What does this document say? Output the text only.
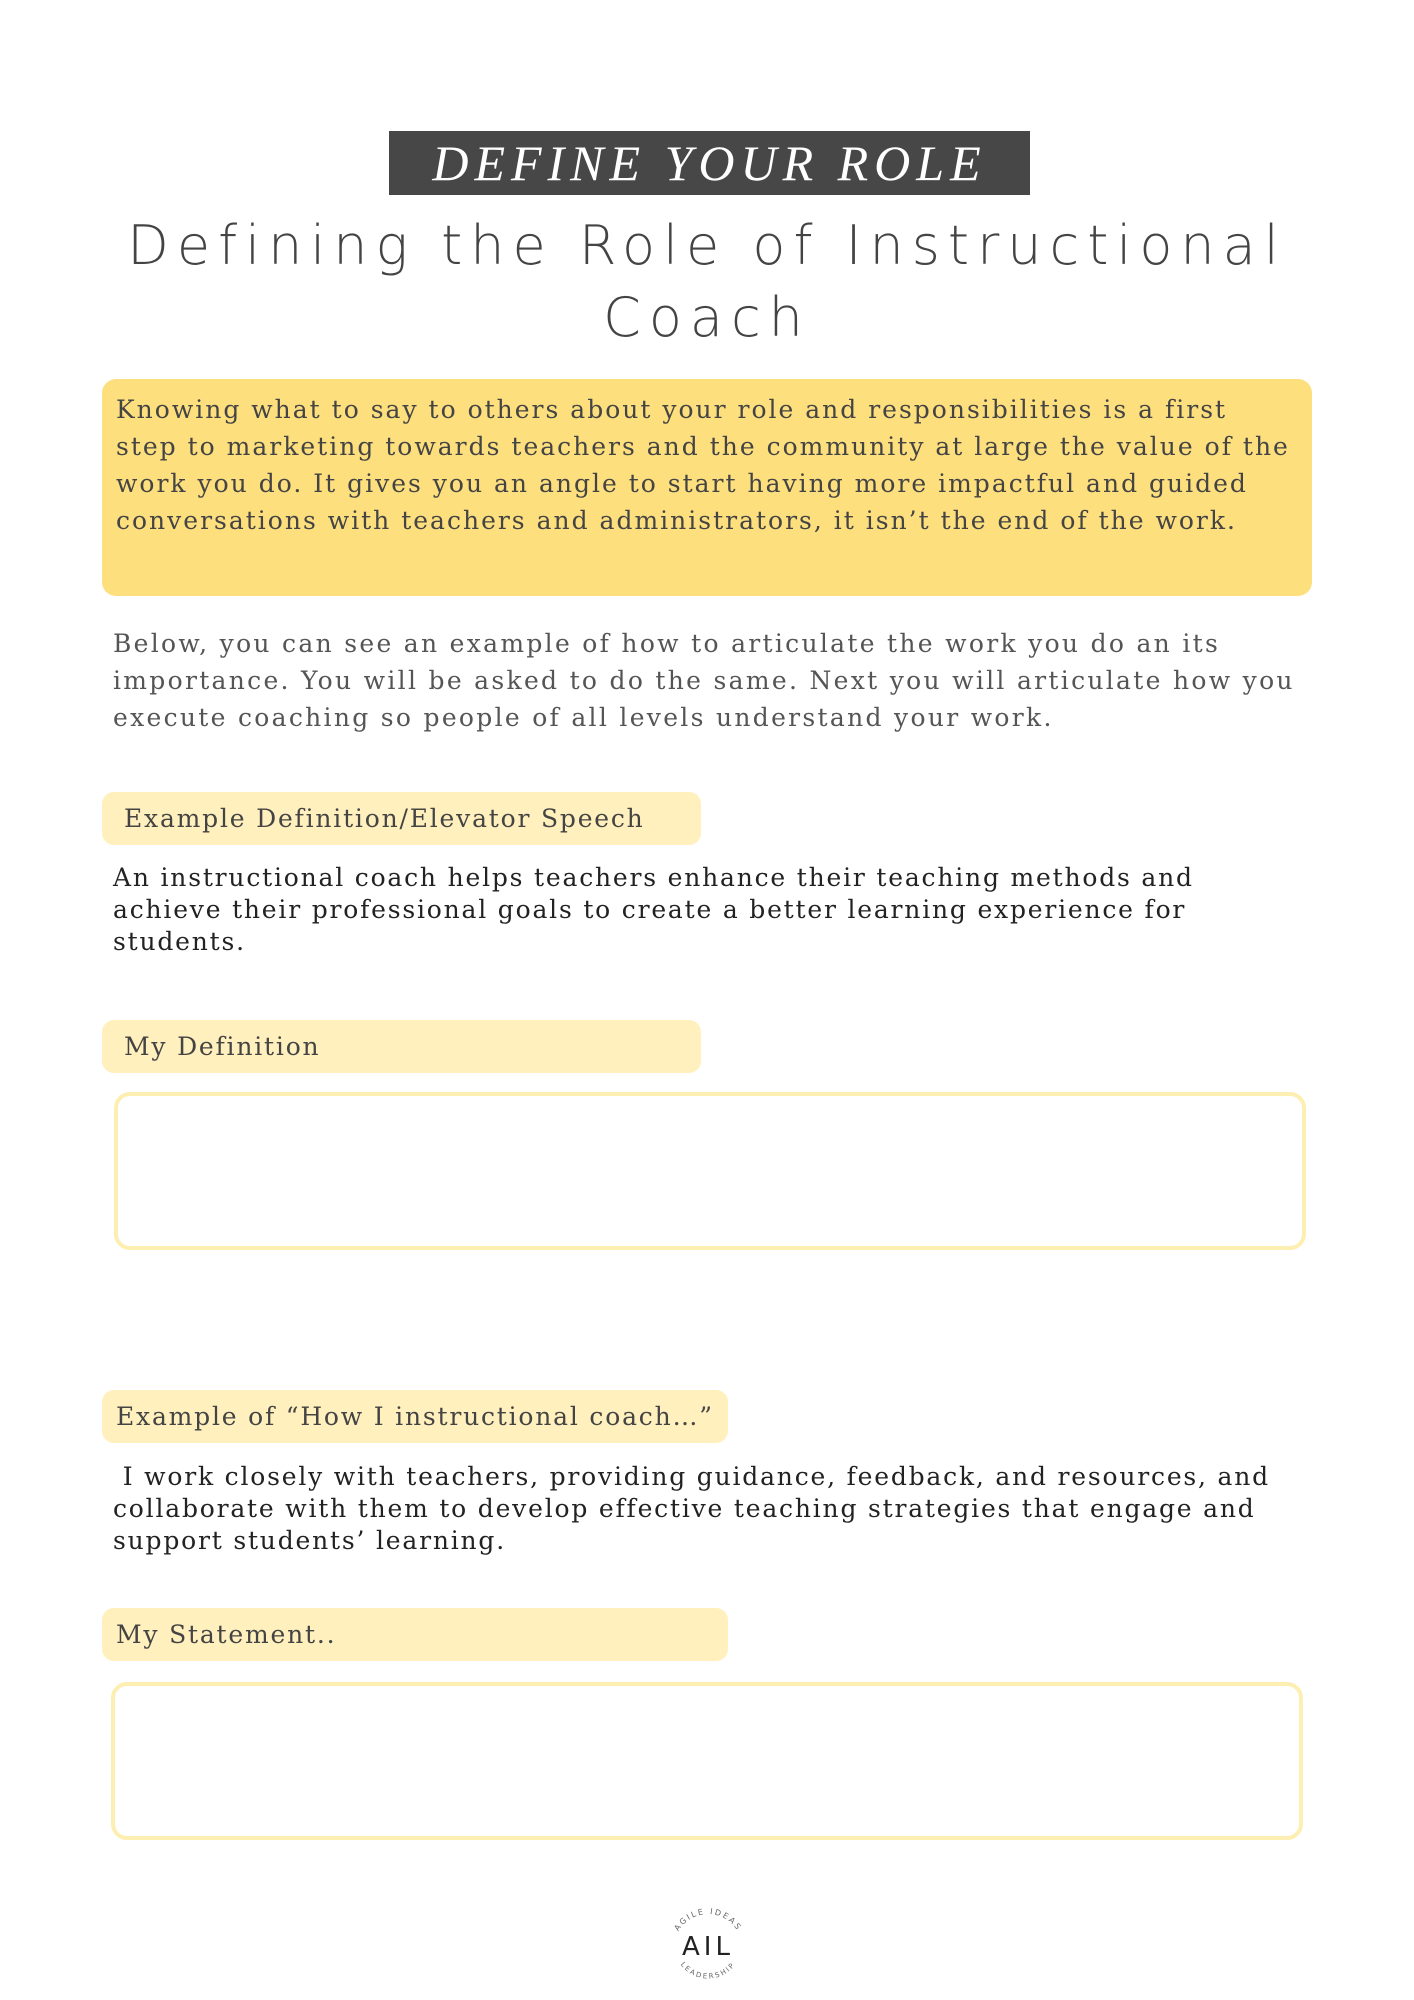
DEFINE YOUR ROLE
Defining the Role of Instructional Coach
Knowing what to say to others about your role and responsibilities is a first step to marketing towards teachers and the community at large the value of the work you do. It gives you an angle to start having more impactful and guided conversations with teachers and administrators, it isn’t the end of the work.
Below, you can see an example of how to articulate the work you do an its importance. You will be asked to do the same. Next you will articulate how you execute coaching so people of all levels understand your work.
Example Definition/Elevator Speech

An instructional coach helps teachers enhance their teaching methods and achieve their professional goals to create a better learning experience for students.

My Definition
Example of “How I instructional coach…”

I work closely with teachers, providing guidance, feedback, and resources, and collaborate with them to develop effective teaching strategies that engage and support students’ learning.

My Statement..
AGILE IDEAS
LEADERSHIP
AIL
